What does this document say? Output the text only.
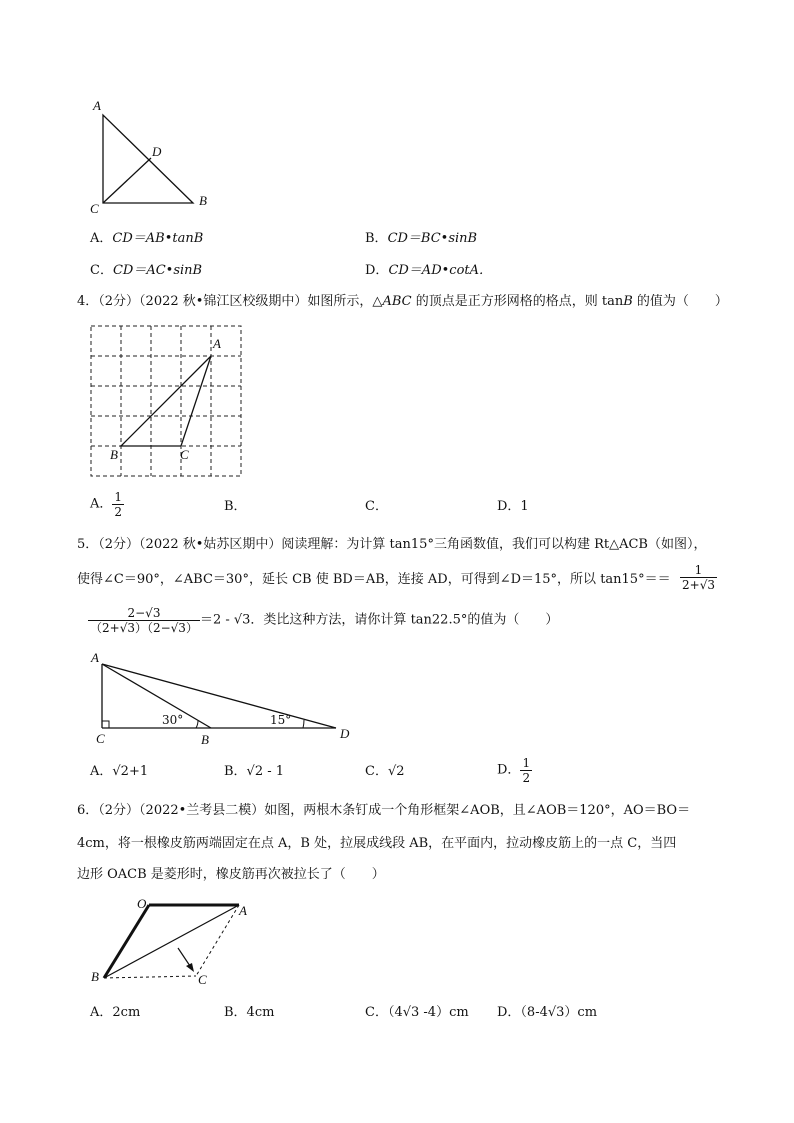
A
D
C
B
A．CD＝AB•tanB	B．CD＝BC•sinB
C．CD＝AC•sinB	D．CD＝AD•cotA．
4．（2分）（2022 秋•锦江区校级期中）如图所示，△ABC 的顶点是正方形网格的格点，则 tanB 的值为（　　）
A
B	C
A． $\frac{1}{2}$	B．	C．	D．1
5．（2分）（2022 秋•姑苏区期中）阅读理解：为计算 tan15°三角函数值，我们可以构建 Rt△ACB（如图），
使得∠C＝90°，∠ABC＝30°，延长 CB 使 BD＝AB，连接 AD，可得到∠D＝15°，所以 $\tan 15^\circ== \frac{1}{2+√3}$
$\frac{2-√3}{(2+√3)(2-√3)} =2 - √3$．类比这种方法，请你计算 tan22.5°的值为（　　）
A
C	B	D
30°	15°
A．√2+1	B．√2 - 1	C．√2	D． $\frac{1}{2}$
6．（2分）（2022•兰考县二模）如图，两根木条钉成一个角形框架∠AOB，且∠AOB＝120°，AO＝BO＝
4cm，将一根橡皮筋两端固定在点 A，B 处，拉展成线段 AB，在平面内，拉动橡皮筋上的一点 C，当四
边形 OACB 是菱形时，橡皮筋再次被拉长了（　　）
O	A
B	C
A．2cm	B．4cm	C．（4√3 -4）cm D．（8-4√3）cm
